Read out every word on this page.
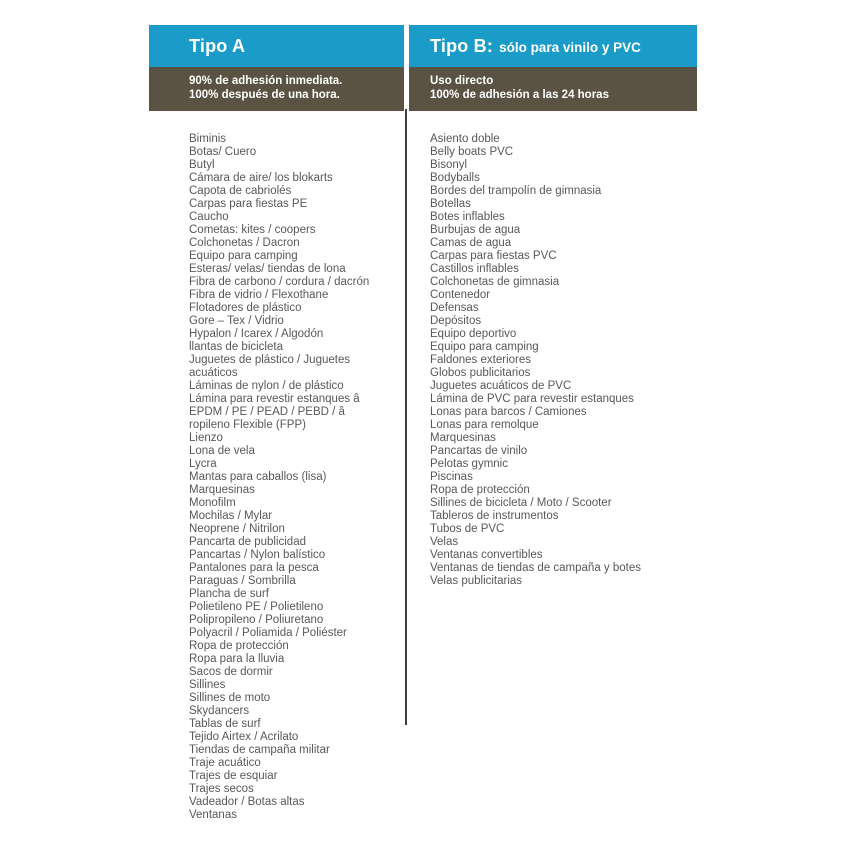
Tipo A
90% de adhesión inmediata.
100% después de una hora.
Biminis
Botas/ Cuero
Butyl
Cámara de aire/ los blokarts
Capota de cabriolés
Carpas para fiestas PE
Caucho
Cometas: kites / coopers
Colchonetas / Dacron
Equipo para camping
Esteras/ velas/ tiendas de lona
Fibra de carbono / cordura / dacrón
Fibra de vidrio / Flexothane
Flotadores de plástico
Gore – Tex / Vidrio
Hypalon / Icarex / Algodón
llantas de bicicleta
Juguetes de plástico / Juguetes acuáticos
Láminas de nylon / de plástico
Lámina para revestir estanques â EPDM / PE / PEAD / PEBD / â ropileno Flexible (FPP)
Lienzo
Lona de vela
Lycra
Mantas para caballos (lisa)
Marquesinas
Monofilm
Mochilas / Mylar
Neoprene / Nitrilon
Pancarta de publicidad
Pancartas / Nylon balístico
Pantalones para la pesca
Paraguas / Sombrilla
Plancha de surf
Polietileno PE / Polietileno
Polipropileno / Poliuretano
Polyacril / Poliamida / Poliéster
Ropa de protección
Ropa para la lluvia
Sacos de dormir
Sillines
Sillines de moto
Skydancers
Tablas de surf
Tejido Airtex / Acrilato
Tiendas de campaña militar
Traje acuático
Trajes de esquiar
Trajes secos
Vadeador / Botas altas
Ventanas
Tipo B: sólo para vinilo y PVC
Uso directo
100% de adhesión a las 24 horas
Asiento doble
Belly boats PVC
Bisonyl
Bodyballs
Bordes del trampolín de gimnasia
Botellas
Botes inflables
Burbujas de agua
Camas de agua
Carpas para fiestas PVC
Castillos inflables
Colchonetas de gimnasia
Contenedor
Defensas
Depósitos
Equipo deportivo
Equipo para camping
Faldones exteriores
Globos publicitarios
Juguetes acuáticos de PVC
Lámina de PVC para revestir estanques
Lonas para barcos / Camiones
Lonas para remolque
Marquesinas
Pancartas de vinilo
Pelotas gymnic
Piscinas
Ropa de protección
Sillines de bicicleta / Moto / Scooter
Tableros de instrumentos
Tubos de PVC
Velas
Ventanas convertibles
Ventanas de tiendas de campaña y botes
Velas publicitarias
